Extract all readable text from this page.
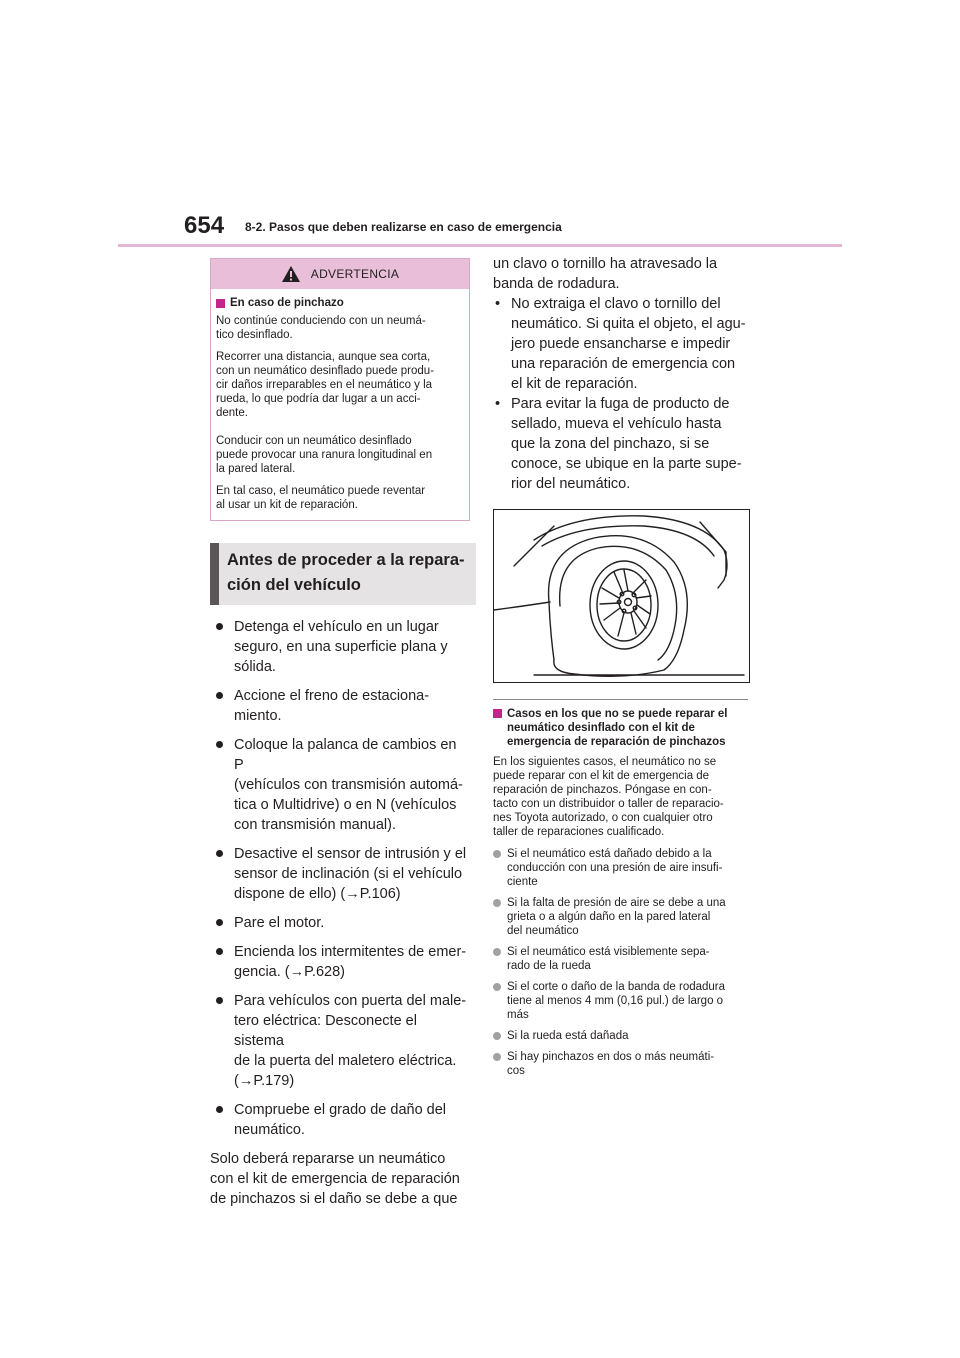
654 8-2. Pasos que deben realizarse en caso de emergencia
ADVERTENCIA
En caso de pinchazo

No continúe conduciendo con un neumá-
tico desinflado.

Recorrer una distancia, aunque sea corta,
con un neumático desinflado puede produ-
cir daños irreparables en el neumático y la
rueda, lo que podría dar lugar a un acci-
dente.

Conducir con un neumático desinflado
puede provocar una ranura longitudinal en
la pared lateral.

En tal caso, el neumático puede reventar
al usar un kit de reparación.

Antes de proceder a la repara-
ción del vehículo
Detenga el vehículo en un lugar
seguro, en una superficie plana y
sólida.
Accione el freno de estaciona-
miento.
Coloque la palanca de cambios en P
(vehículos con transmisión automá-
tica o Multidrive) o en N (vehículos
con transmisión manual).
Desactive el sensor de intrusión y el
sensor de inclinación (si el vehículo
dispone de ello) (→P.106)
Pare el motor.
Encienda los intermitentes de emer-
gencia. (→P.628)
Para vehículos con puerta del male-
tero eléctrica: Desconecte el sistema
de la puerta del maletero eléctrica.
(→P.179)
Compruebe el grado de daño del
neumático.

Solo deberá repararse un neumático
con el kit de emergencia de reparación
de pinchazos si el daño se debe a que

un clavo o tornillo ha atravesado la
banda de rodadura.
• No extraiga el clavo o tornillo del
neumático. Si quita el objeto, el agu-
jero puede ensancharse e impedir
una reparación de emergencia con
el kit de reparación.
• Para evitar la fuga de producto de
sellado, mueva el vehículo hasta
que la zona del pinchazo, si se
conoce, se ubique en la parte supe-
rior del neumático.
Casos en los que no se puede reparar el
neumático desinflado con el kit de
emergencia de reparación de pinchazos

En los siguientes casos, el neumático no se
puede reparar con el kit de emergencia de
reparación de pinchazos. Póngase en con-
tacto con un distribuidor o taller de reparacio-
nes Toyota autorizado, o con cualquier otro
taller de reparaciones cualificado.

Si el neumático está dañado debido a la
conducción con una presión de aire insufi-
ciente
Si la falta de presión de aire se debe a una
grieta o a algún daño en la pared lateral
del neumático
Si el neumático está visiblemente sepa-
rado de la rueda
Si el corte o daño de la banda de rodadura
tiene al menos 4 mm (0,16 pul.) de largo o
más
Si la rueda está dañada
Si hay pinchazos en dos o más neumáti-
cos
